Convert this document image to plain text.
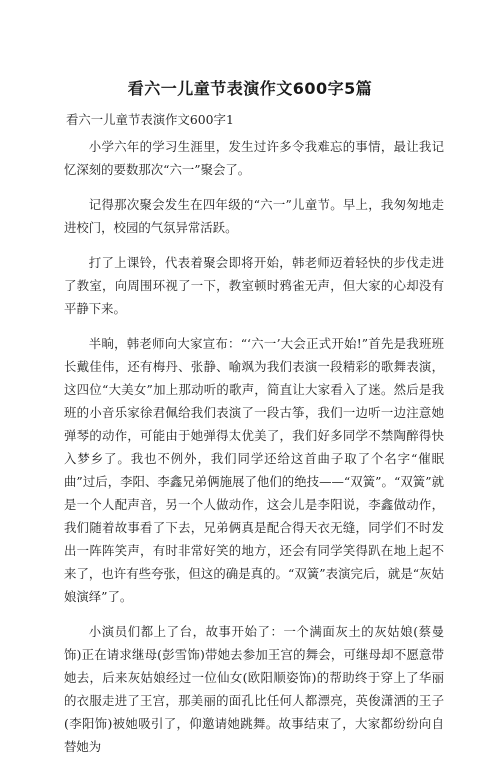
看六一儿童节表演作文600字5篇
看六一儿童节表演作文600字1

小学六年的学习生涯里，发生过许多令我难忘的事情，最让我记忆深刻的要数那次“六一”聚会了。

记得那次聚会发生在四年级的“六一”儿童节。早上，我匆匆地走进校门，校园的气氛异常活跃。

打了上课铃，代表着聚会即将开始，韩老师迈着轻快的步伐走进了教室，向周围环视了一下，教室顿时鸦雀无声，但大家的心却没有平静下来。

半晌，韩老师向大家宣布：“‘六一’大会正式开始!”首先是我班班长戴佳伟，还有梅丹、张静、喻飒为我们表演一段精彩的歌舞表演，这四位“大美女”加上那动听的歌声，简直让大家看入了迷。然后是我班的小音乐家徐君佩给我们表演了一段古筝，我们一边听一边注意她弹琴的动作，可能由于她弹得太优美了，我们好多同学不禁陶醉得快入梦乡了。我也不例外，我们同学还给这首曲子取了个名字“催眠曲”过后，李阳、李鑫兄弟俩施展了他们的绝技——“双簧”。“双簧”就是一个人配声音，另一个人做动作，这会儿是李阳说，李鑫做动作，我们随着故事看了下去，兄弟俩真是配合得天衣无缝，同学们不时发出一阵阵笑声，有时非常好笑的地方，还会有同学笑得趴在地上起不来了，也许有些夸张，但这的确是真的。“双簧”表演完后，就是“灰姑娘演绎”了。

小演员们都上了台，故事开始了：一个满面灰土的灰姑娘(蔡曼饰)正在请求继母(彭雪饰)带她去参加王宫的舞会，可继母却不愿意带她去，后来灰姑娘经过一位仙女(欧阳顺姿饰)的帮助终于穿上了华丽的衣服走进了王宫，那美丽的面孔比任何人都漂亮，英俊潇洒的王子(李阳饰)被她吸引了，仰邀请她跳舞。故事结束了，大家都纷纷向自替她为
